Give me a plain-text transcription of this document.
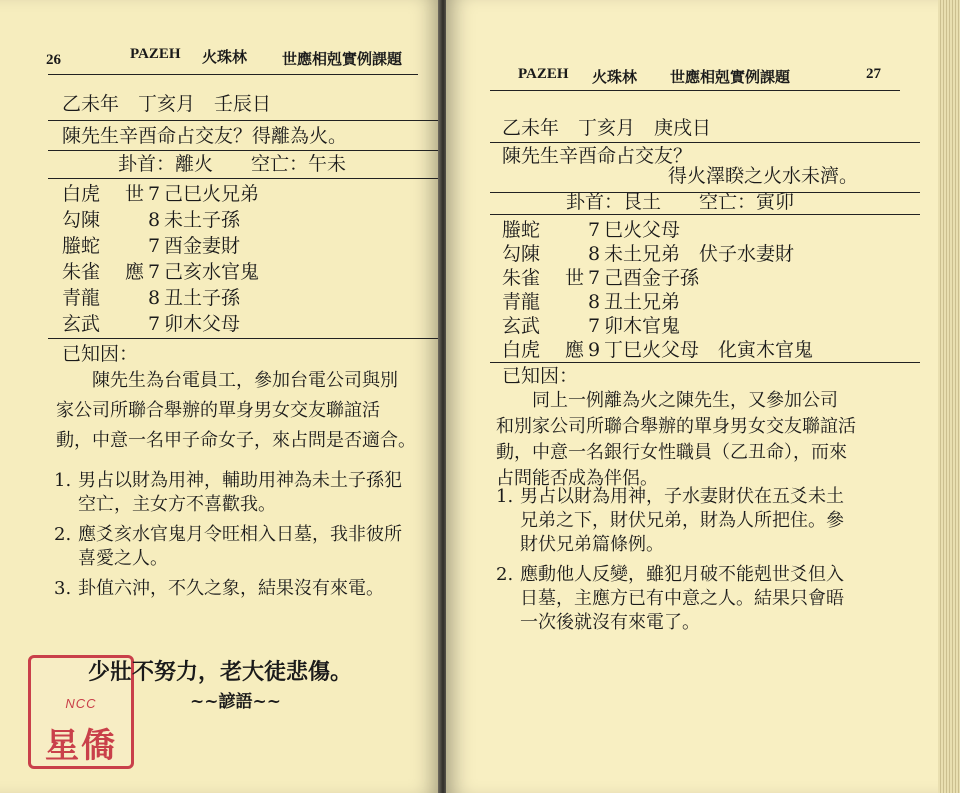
26	PAZEH 火珠林 世應相剋實例課題
乙未年　丁亥月　壬辰日
陳先生辛酉命占交友？得離為火。
卦首：離火　　空亡：午未
白虎 世 7 己巳火兄弟
勾陳	8 未土子孫
螣蛇	7 酉金妻財
朱雀 應 7 己亥水官鬼
青龍	8 丑土子孫
玄武	7 卯木父母
已知因：
　　陳先生為台電員工，參加台電公司與別
家公司所聯合舉辦的單身男女交友聯誼活
動，中意一名甲子命女子，來占問是否適合。
1. 男占以財為用神，輔助用神為未土子孫犯
空亡，主女方不喜歡我。
2. 應爻亥水官鬼月令旺相入日墓，我非彼所
喜愛之人。
3. 卦值六沖，不久之象，結果沒有來電。
NCC
星僑
少壯不努力，老大徒悲傷。
~~諺語~~
PAZEH 火珠林 世應相剋實例課題	27
乙未年　丁亥月　庚戌日
陳先生辛酉命占交友？
得火澤睽之火水未濟。
卦首：艮土　　空亡：寅卯
螣蛇	7 巳火父母
勾陳	8 未土兄弟　伏子水妻財
朱雀 世 7 己酉金子孫
青龍	8 丑土兄弟
玄武	7 卯木官鬼
白虎 應 9 丁巳火父母　化寅木官鬼
已知因：
　　同上一例離為火之陳先生，又參加公司
和別家公司所聯合舉辦的單身男女交友聯誼活
動，中意一名銀行女性職員（乙丑命），而來
占問能否成為伴侶。
1. 男占以財為用神，子水妻財伏在五爻未土
兄弟之下，財伏兄弟，財為人所把住。參
財伏兄弟篇條例。
2. 應動他人反變，雖犯月破不能剋世爻但入
日墓，主應方已有中意之人。結果只會晤
一次後就沒有來電了。
